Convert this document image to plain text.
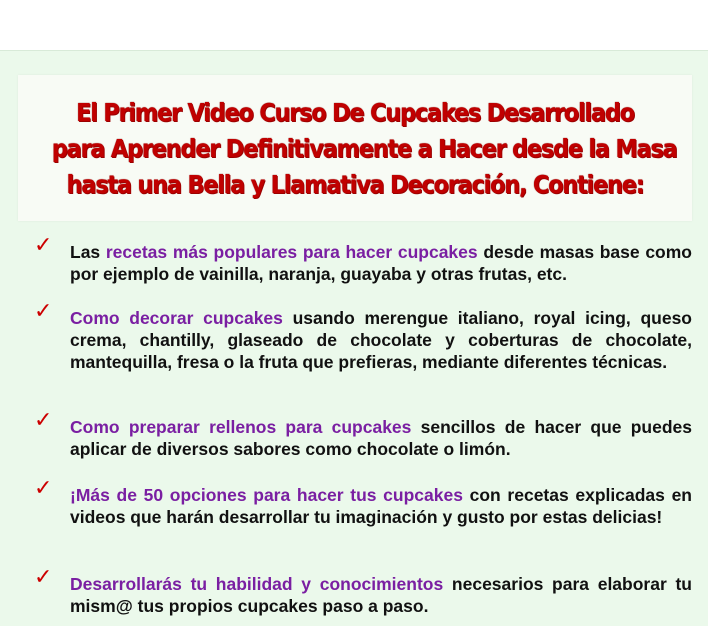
El Primer Video Curso De Cupcakes Desarrollado
para Aprender Definitivamente a Hacer desde la Masa
hasta una Bella y Llamativa Decoración, Contiene:
✓ Las recetas más populares para hacer cupcakes desde masas base como por ejemplo de vainilla, naranja, guayaba y otras frutas, etc.
✓ Como decorar cupcakes usando merengue italiano, royal icing, queso crema, chantilly, glaseado de chocolate y coberturas de chocolate, mantequilla, fresa o la fruta que prefieras, mediante diferentes técnicas.
✓ Como preparar rellenos para cupcakes sencillos de hacer que puedes aplicar de diversos sabores como chocolate o limón.
✓ ¡Más de 50 opciones para hacer tus cupcakes con recetas explicadas en videos que harán desarrollar tu imaginación y gusto por estas delicias!
✓ Desarrollarás tu habilidad y conocimientos necesarios para elaborar tu mism@ tus propios cupcakes paso a paso.
